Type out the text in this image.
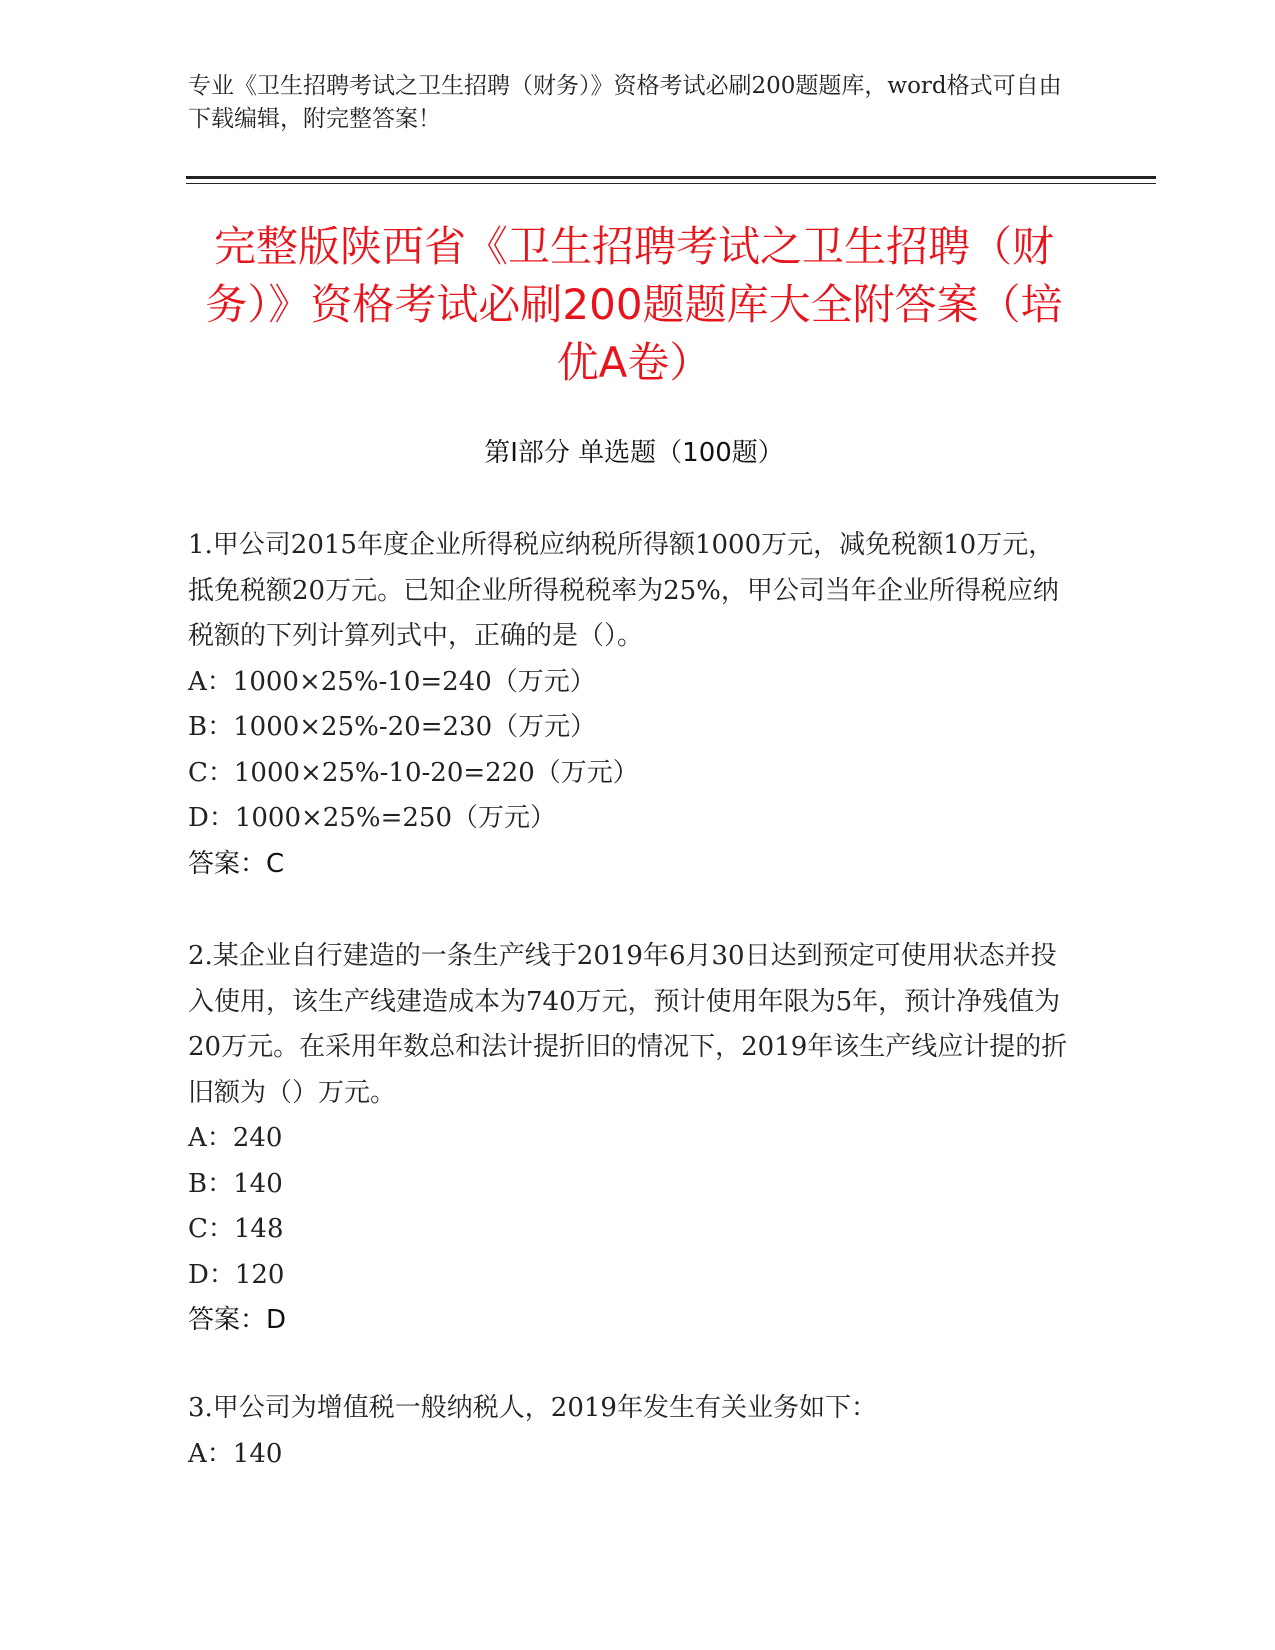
专业《卫生招聘考试之卫生招聘（财务）》资格考试必刷200题题库，word格式可自由下载编辑，附完整答案！
完整版陕西省《卫生招聘考试之卫生招聘（财务）》资格考试必刷200题题库大全附答案（培优A卷）
第Ⅰ部分 单选题（100题）
1.甲公司2015年度企业所得税应纳税所得额1000万元，减免税额10万元，抵免税额20万元。已知企业所得税税率为25%，甲公司当年企业所得税应纳税额的下列计算列式中，正确的是（）。
A：1000×25%-10=240（万元）
B：1000×25%-20=230（万元）
C：1000×25%-10-20=220（万元）
D：1000×25%=250（万元）
答案：C
2.某企业自行建造的一条生产线于2019年6月30日达到预定可使用状态并投入使用，该生产线建造成本为740万元，预计使用年限为5年，预计净残值为20万元。在采用年数总和法计提折旧的情况下，2019年该生产线应计提的折旧额为（）万元。
A：240
B：140
C：148
D：120
答案：D
3.甲公司为增值税一般纳税人，2019年发生有关业务如下：
A：140
